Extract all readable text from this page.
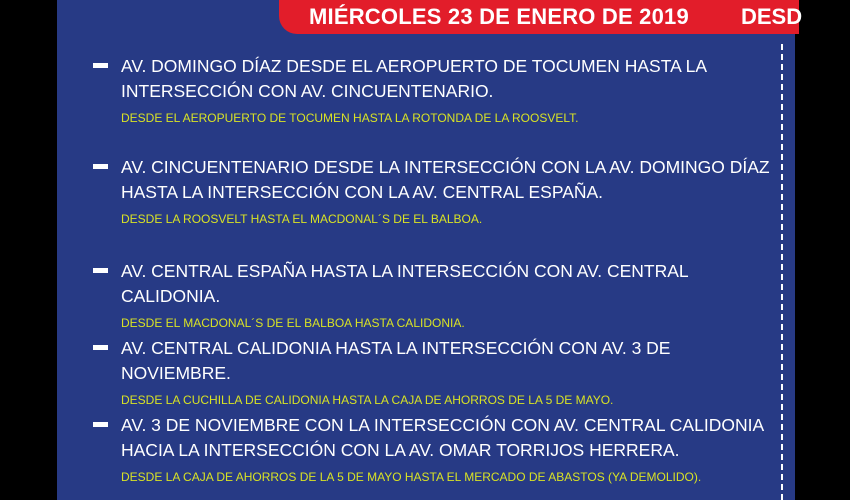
MIÉRCOLES 23 DE ENERO DE 2019 DESD
AV. DOMINGO DÍAZ DESDE EL AEROPUERTO DE TOCUMEN HASTA LA INTERSECCIÓN CON AV. CINCUENTENARIO.
DESDE EL AEROPUERTO DE TOCUMEN HASTA LA ROTONDA DE LA ROOSVELT.
AV. CINCUENTENARIO DESDE LA INTERSECCIÓN CON LA AV. DOMINGO DÍAZ HASTA LA INTERSECCIÓN CON LA AV. CENTRAL ESPAÑA.
DESDE LA ROOSVELT HASTA EL MACDONAL´S DE EL BALBOA.
AV. CENTRAL ESPAÑA HASTA LA INTERSECCIÓN CON AV. CENTRAL CALIDONIA.
DESDE EL MACDONAL´S DE EL BALBOA HASTA CALIDONIA.
AV. CENTRAL CALIDONIA HASTA LA INTERSECCIÓN CON AV. 3 DE NOVIEMBRE.
DESDE LA CUCHILLA DE CALIDONIA HASTA LA CAJA DE AHORROS DE LA 5 DE MAYO.
AV. 3 DE NOVIEMBRE CON LA INTERSECCIÓN CON AV. CENTRAL CALIDONIA HACIA LA INTERSECCIÓN CON LA AV. OMAR TORRIJOS HERRERA.
DESDE LA CAJA DE AHORROS DE LA 5 DE MAYO HASTA EL MERCADO DE ABASTOS (YA DEMOLIDO).
